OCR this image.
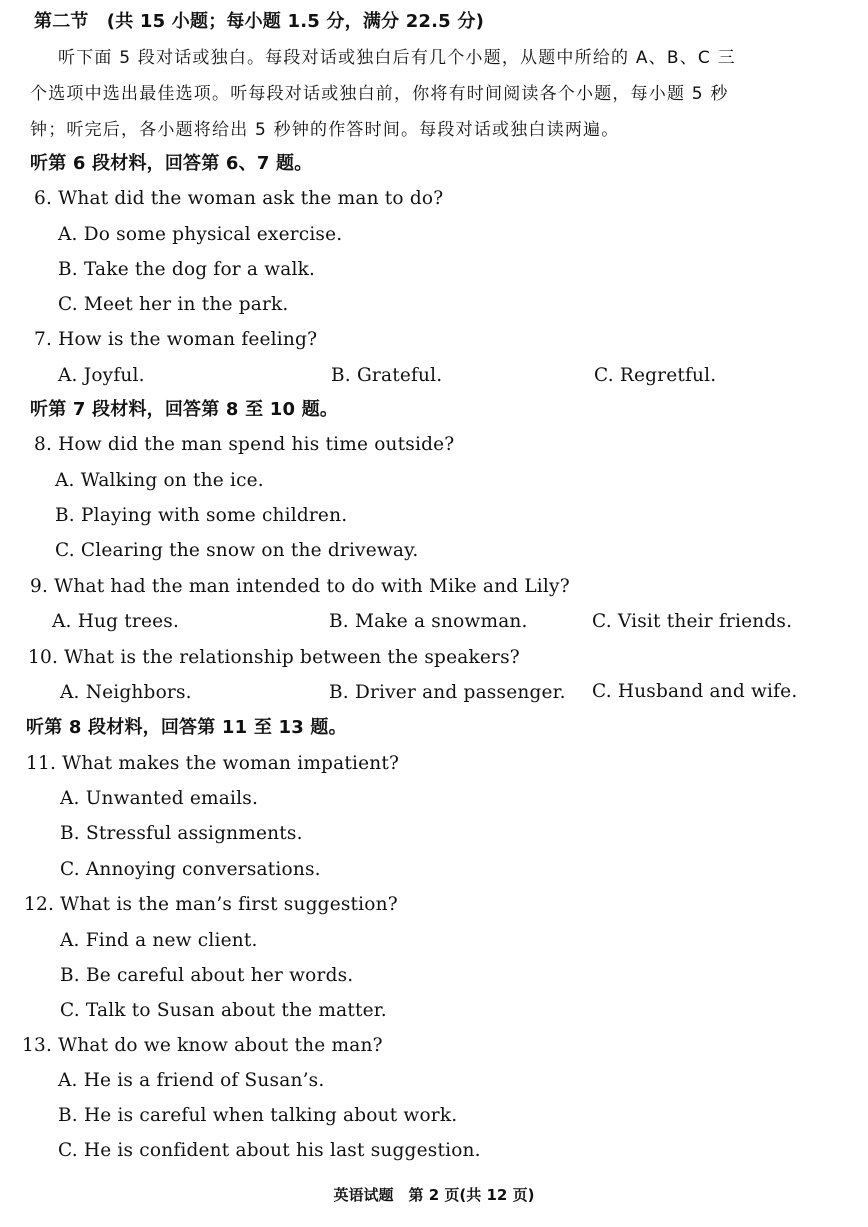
第二节　(共 15 小题；每小题 1.5 分，满分 22.5 分)
听下面 5 段对话或独白。每段对话或独白后有几个小题，从题中所给的 A、B、C 三
个选项中选出最佳选项。听每段对话或独白前，你将有时间阅读各个小题，每小题 5 秒
钟；听完后，各小题将给出 5 秒钟的作答时间。每段对话或独白读两遍。
听第 6 段材料，回答第 6、7 题。
6. What did the woman ask the man to do?
A. Do some physical exercise.
B. Take the dog for a walk.
C. Meet her in the park.
7. How is the woman feeling?
A. Joyful.	B. Grateful.	C. Regretful.
听第 7 段材料，回答第 8 至 10 题。
8. How did the man spend his time outside?
A. Walking on the ice.
B. Playing with some children.
C. Clearing the snow on the driveway.
9. What had the man intended to do with Mike and Lily?
A. Hug trees.	B. Make a snowman.	C. Visit their friends.
10. What is the relationship between the speakers?
A. Neighbors.	B. Driver and passenger. C. Husband and wife.
听第 8 段材料，回答第 11 至 13 题。
11. What makes the woman impatient?
A. Unwanted emails.
B. Stressful assignments.
C. Annoying conversations.
12. What is the man’s first suggestion?
A. Find a new client.
B. Be careful about her words.
C. Talk to Susan about the matter.
13. What do we know about the man?
A. He is a friend of Susan’s.
B. He is careful when talking about work.
C. He is confident about his last suggestion.
英语试题　第 2 页(共 12 页)
